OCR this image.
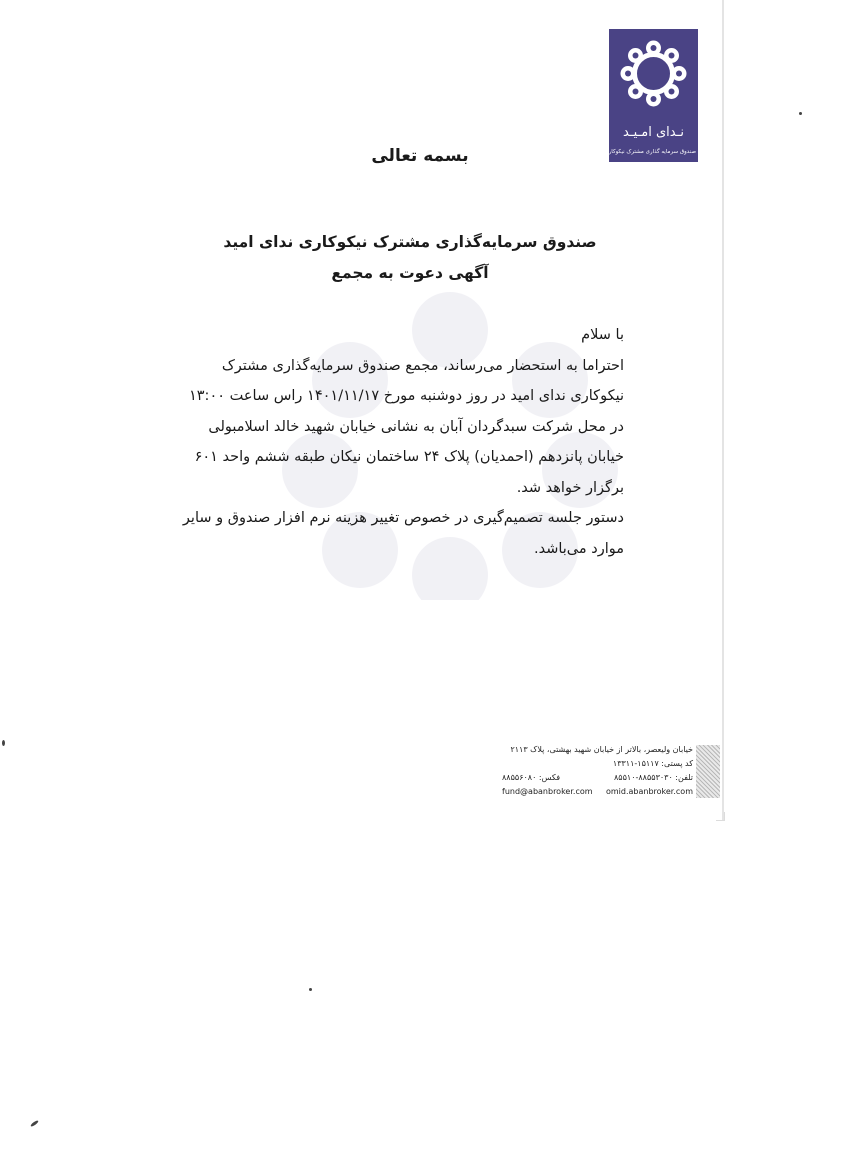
نـدای امـیـد
صندوق سرمایه گذاری مشترک نیکوکاری
بسمه تعالی
صندوق سرمایه‌گذاری مشترک نیکوکاری ندای امید
آگهی دعوت به مجمع
با سلام
احتراما به استحضار می‌رساند، مجمع صندوق سرمایه‌گذاری مشترک
نیکوکاری ندای امید در روز دوشنبه مورخ ۱۴۰۱/۱۱/۱۷ راس ساعت ۱۳:۰۰
در محل شرکت سبدگردان آبان به نشانی خیابان شهید خالد اسلامبولی
خیابان پانزدهم (احمدیان) پلاک ۲۴ ساختمان نیکان طبقه ششم واحد ۶۰۱
برگزار خواهد شد.
دستور جلسه تصمیم‌گیری در خصوص تغییر هزینه نرم افزار صندوق و سایر
موارد می‌باشد.
خیابان ولیعصر، بالاتر از خیابان شهید بهشتی، پلاک ۲۱۱۳
کد پستی: ۱۵۱۱۷-۱۳۳۱۱
تلفن: ۸۸۵۵۳۰۳۰-۸۵۵۱۰
فکس: ۸۸۵۵۶۰۸۰
omid.abanbroker.com
fund@abanbroker.com
